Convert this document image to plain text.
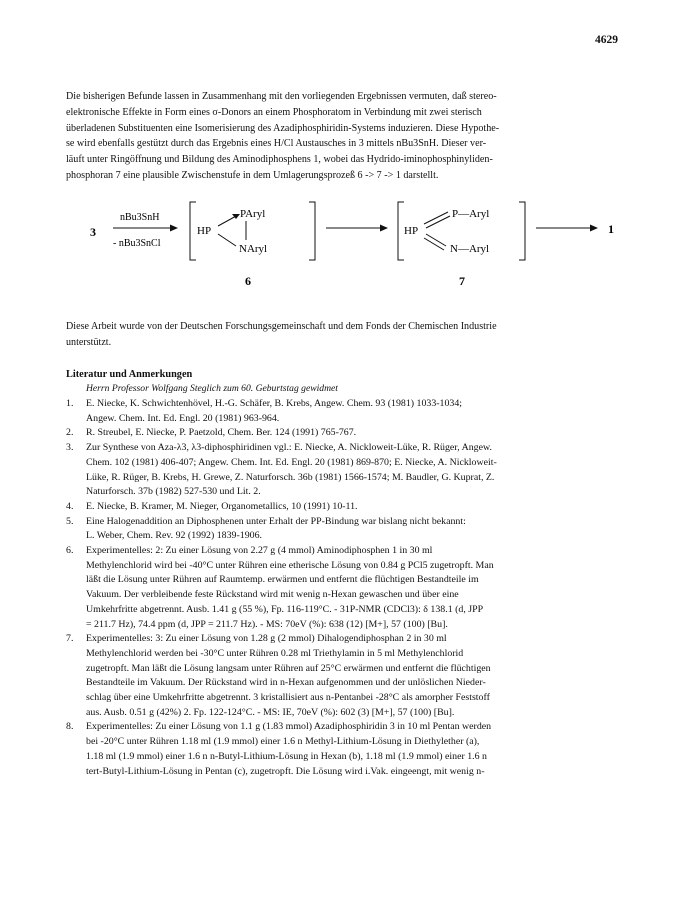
4629
Die bisherigen Befunde lassen in Zusammenhang mit den vorliegenden Ergebnissen vermuten, daß stereo-
elektronische Effekte in Form eines σ-Donors an einem Phosphoratom in Verbindung mit zwei sterisch
überladenen Substituenten eine Isomerisierung des Azadiphosphiridin-Systems induzieren. Diese Hypothe-
se wird ebenfalls gestützt durch das Ergebnis eines H/Cl Austausches in 3 mittels nBu3SnH. Dieser ver-
läuft unter Ringöffnung und Bildung des Aminodiphosphens 1, wobei das Hydrido-iminophosphinyliden-
phosphoran 7 eine plausible Zwischenstufe in dem Umlagerungsprozeß 6 -> 7 -> 1 darstellt.
3
nBu3SnH
- nBu3SnCl
HP
PAryl
NAryl
6
HP
P—Aryl
N—Aryl
7
1
Diese Arbeit wurde von der Deutschen Forschungsgemeinschaft und dem Fonds der Chemischen Industrie
unterstützt.
Literatur und Anmerkungen
Herrn Professor Wolfgang Steglich zum 60. Geburtstag gewidmet
1. E. Niecke, K. Schwichtenhövel, H.-G. Schäfer, B. Krebs, Angew. Chem. 93 (1981) 1033-1034;
Angew. Chem. Int. Ed. Engl. 20 (1981) 963-964.
2. R. Streubel, E. Niecke, P. Paetzold, Chem. Ber. 124 (1991) 765-767.
3. Zur Synthese von Aza-λ3, λ3-diphosphiridinen vgl.: E. Niecke, A. Nickloweit-Lüke, R. Rüger, Angew.
Chem. 102 (1981) 406-407; Angew. Chem. Int. Ed. Engl. 20 (1981) 869-870; E. Niecke, A. Nickloweit-
Lüke, R. Rüger, B. Krebs, H. Grewe, Z. Naturforsch. 36b (1981) 1566-1574; M. Baudler, G. Kuprat, Z.
Naturforsch. 37b (1982) 527-530 und Lit. 2.
4. E. Niecke, B. Kramer, M. Nieger, Organometallics, 10 (1991) 10-11.
5. Eine Halogenaddition an Diphosphenen unter Erhalt der PP-Bindung war bislang nicht bekannt:
L. Weber, Chem. Rev. 92 (1992) 1839-1906.
6. Experimentelles: 2: Zu einer Lösung von 2.27 g (4 mmol) Aminodiphosphen 1 in 30 ml
Methylenchlorid wird bei -40°C unter Rühren eine etherische Lösung von 0.84 g PCl5 zugetropft. Man
läßt die Lösung unter Rühren auf Raumtemp. erwärmen und entfernt die flüchtigen Bestandteile im
Vakuum. Der verbleibende feste Rückstand wird mit wenig n-Hexan gewaschen und über eine
Umkehrfritte abgetrennt. Ausb. 1.41 g (55 %), Fp. 116-119°C. - 31P-NMR (CDCl3): δ 138.1 (d, JPP
= 211.7 Hz), 74.4 ppm (d, JPP = 211.7 Hz). - MS: 70eV (%): 638 (12) [M+], 57 (100) [Bu].
7. Experimentelles: 3: Zu einer Lösung von 1.28 g (2 mmol) Dihalogendiphosphan 2 in 30 ml
Methylenchlorid werden bei -30°C unter Rühren 0.28 ml Triethylamin in 5 ml Methylenchlorid
zugetropft. Man läßt die Lösung langsam unter Rühren auf 25°C erwärmen und entfernt die flüchtigen
Bestandteile im Vakuum. Der Rückstand wird in n-Hexan aufgenommen und der unlöslichen Nieder-
schlag über eine Umkehrfritte abgetrennt. 3 kristallisiert aus n-Pentanbei -28°C als amorpher Feststoff
aus. Ausb. 0.51 g (42%) 2. Fp. 122-124°C. - MS: IE, 70eV (%): 602 (3) [M+], 57 (100) [Bu].
8. Experimentelles: Zu einer Lösung von 1.1 g (1.83 mmol) Azadiphosphiridin 3 in 10 ml Pentan werden
bei -20°C unter Rühren 1.18 ml (1.9 mmol) einer 1.6 n Methyl-Lithium-Lösung in Diethylether (a),
1.18 ml (1.9 mmol) einer 1.6 n n-Butyl-Lithium-Lösung in Hexan (b), 1.18 ml (1.9 mmol) einer 1.6 n
tert-Butyl-Lithium-Lösung in Pentan (c), zugetropft. Die Lösung wird i.Vak. eingeengt, mit wenig n-
